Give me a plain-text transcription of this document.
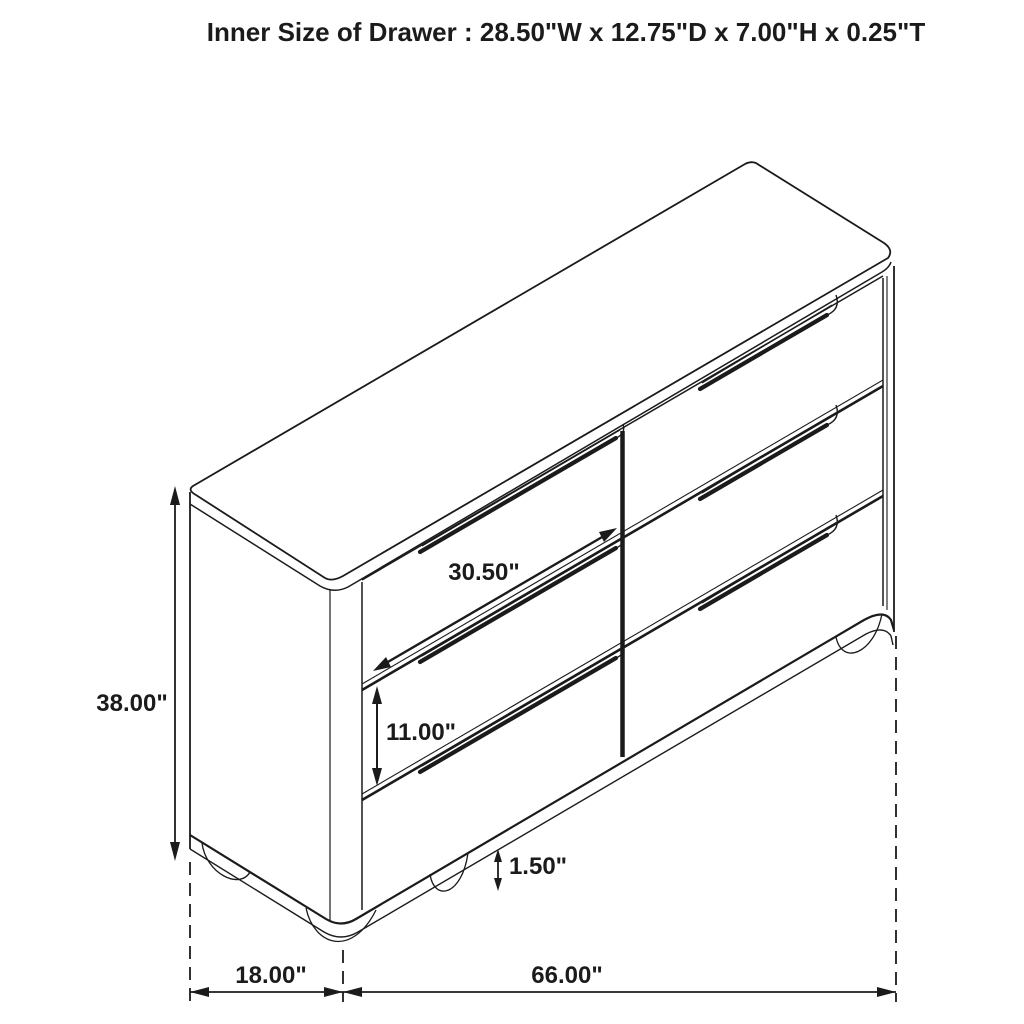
38.00"
30.50"
11.00"
1.50"
18.00"	66.00"
Inner Size of Drawer : 28.50"W x 12.75"D x 7.00"H x 0.25"T
